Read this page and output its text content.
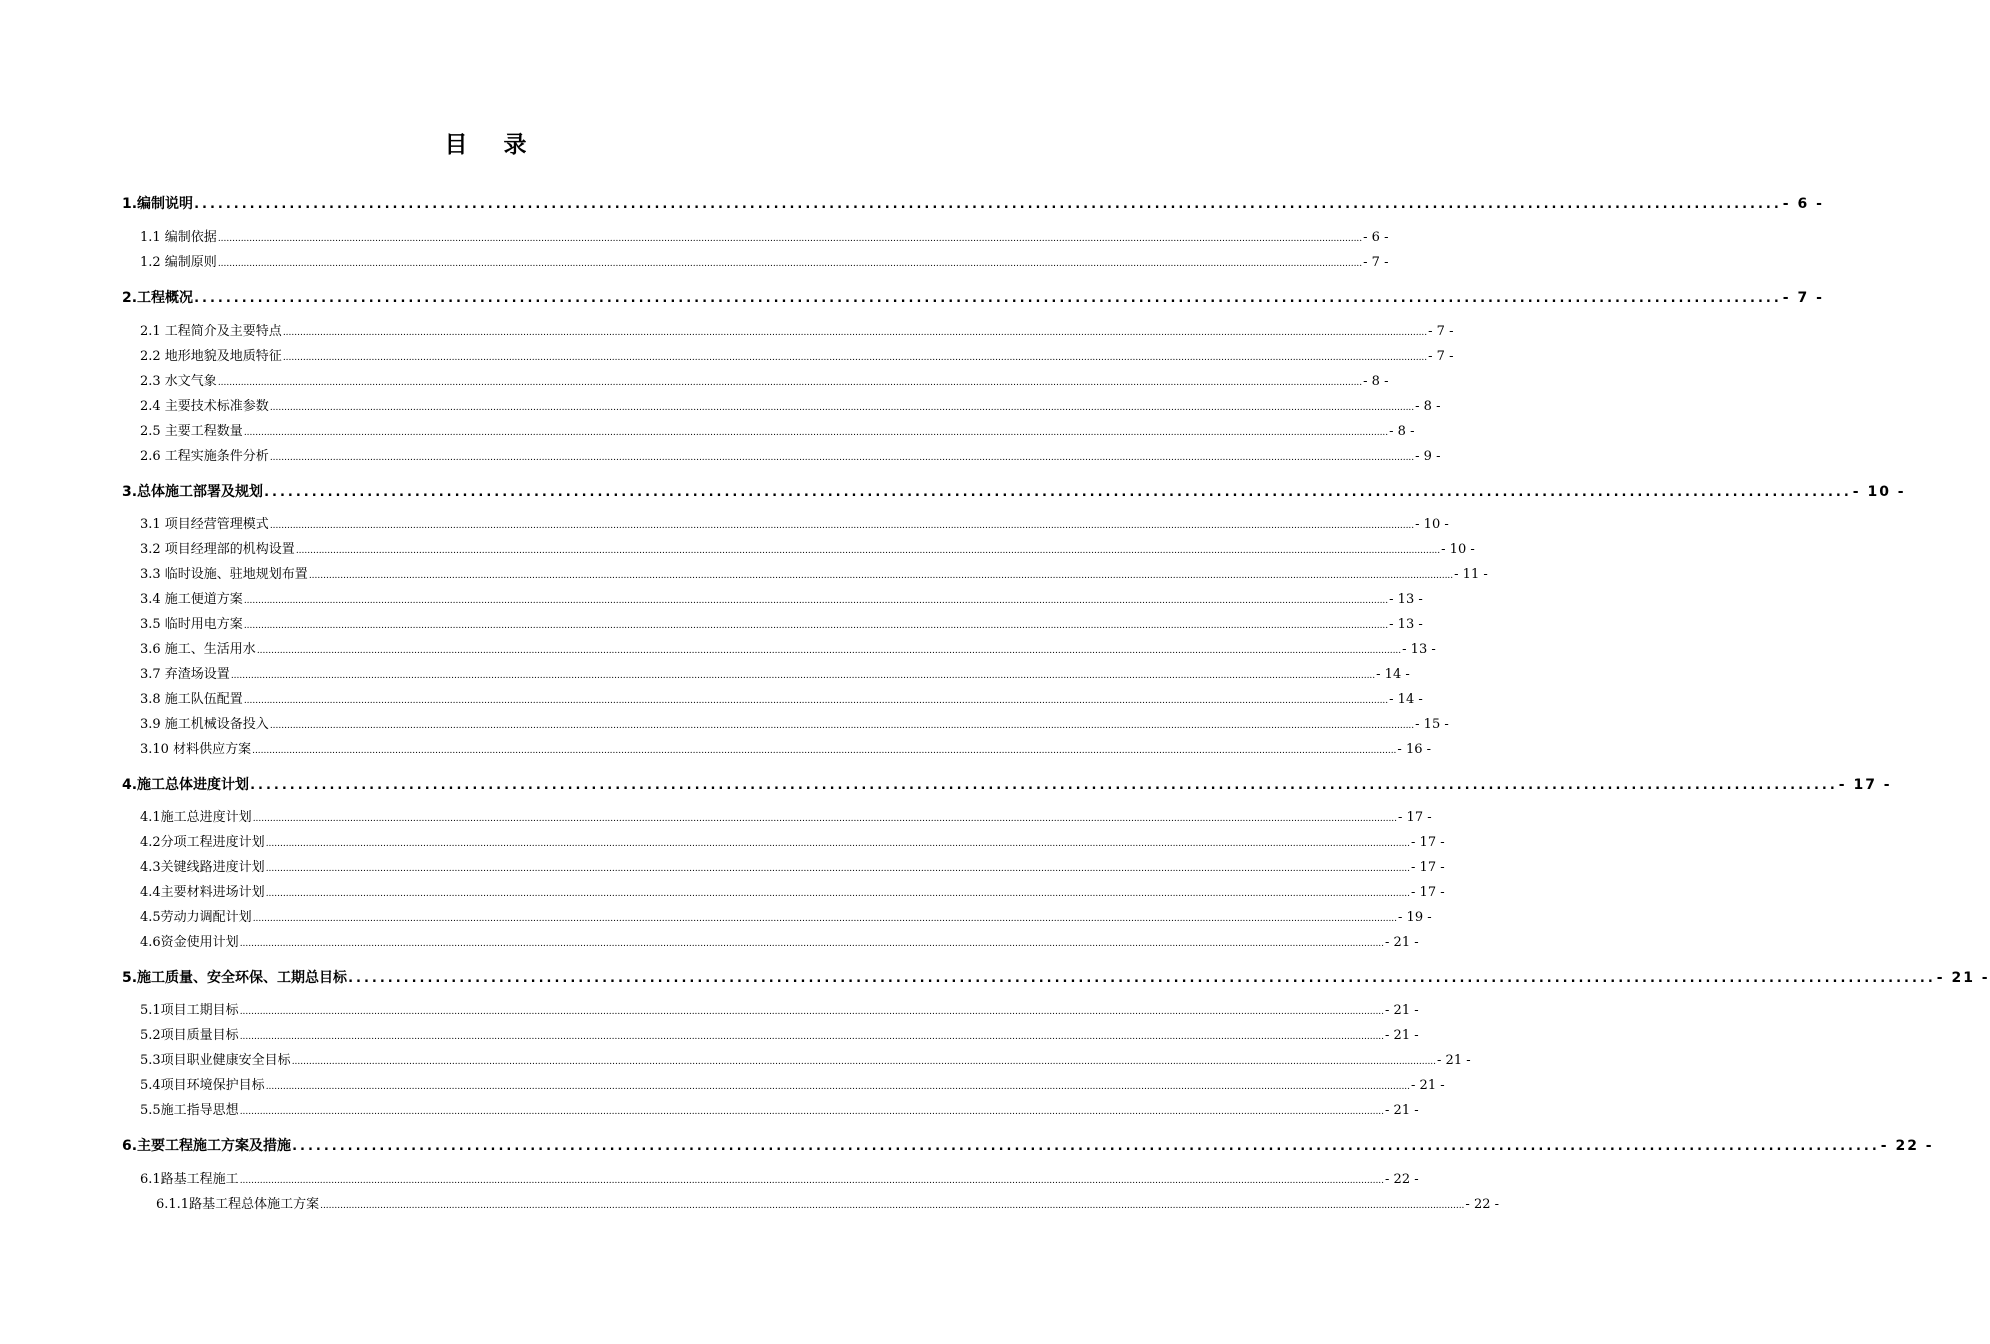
目 录
1.编制说明 ........................................................................................................................................................................................................ - 6 -
1.1 编制依据 ................................................................................................................................................................................................................................................................................................................................................................................................................ - 6 -
1.2 编制原则 ................................................................................................................................................................................................................................................................................................................................................................................................................ - 7 -
2.工程概况 ........................................................................................................................................................................................................ - 7 -
2.1 工程简介及主要特点 ................................................................................................................................................................................................................................................................................................................................................................................................................ - 7 -
2.2 地形地貌及地质特征 ................................................................................................................................................................................................................................................................................................................................................................................................................ - 7 -
2.3 水文气象 ................................................................................................................................................................................................................................................................................................................................................................................................................ - 8 -
2.4 主要技术标准参数 ................................................................................................................................................................................................................................................................................................................................................................................................................ - 8 -
2.5 主要工程数量 ................................................................................................................................................................................................................................................................................................................................................................................................................ - 8 -
2.6 工程实施条件分析 ................................................................................................................................................................................................................................................................................................................................................................................................................ - 9 -
3.总体施工部署及规划 ........................................................................................................................................................................................................ - 10 -
3.1 项目经营管理模式 ................................................................................................................................................................................................................................................................................................................................................................................................................ - 10 -
3.2 项目经理部的机构设置 ................................................................................................................................................................................................................................................................................................................................................................................................................ - 10 -
3.3 临时设施、驻地规划布置 ................................................................................................................................................................................................................................................................................................................................................................................................................ - 11 -
3.4 施工便道方案 ................................................................................................................................................................................................................................................................................................................................................................................................................ - 13 -
3.5 临时用电方案 ................................................................................................................................................................................................................................................................................................................................................................................................................ - 13 -
3.6 施工、生活用水 ................................................................................................................................................................................................................................................................................................................................................................................................................ - 13 -
3.7 弃渣场设置 ................................................................................................................................................................................................................................................................................................................................................................................................................ - 14 -
3.8 施工队伍配置 ................................................................................................................................................................................................................................................................................................................................................................................................................ - 14 -
3.9 施工机械设备投入 ................................................................................................................................................................................................................................................................................................................................................................................................................ - 15 -
3.10 材料供应方案 ................................................................................................................................................................................................................................................................................................................................................................................................................ - 16 -
4.施工总体进度计划 ........................................................................................................................................................................................................ - 17 -
4.1施工总进度计划 ................................................................................................................................................................................................................................................................................................................................................................................................................ - 17 -
4.2分项工程进度计划 ................................................................................................................................................................................................................................................................................................................................................................................................................ - 17 -
4.3关键线路进度计划 ................................................................................................................................................................................................................................................................................................................................................................................................................ - 17 -
4.4主要材料进场计划 ................................................................................................................................................................................................................................................................................................................................................................................................................ - 17 -
4.5劳动力调配计划 ................................................................................................................................................................................................................................................................................................................................................................................................................ - 19 -
4.6资金使用计划 ................................................................................................................................................................................................................................................................................................................................................................................................................ - 21 -
5.施工质量、安全环保、工期总目标 ........................................................................................................................................................................................................ - 21 -
5.1项目工期目标 ................................................................................................................................................................................................................................................................................................................................................................................................................ - 21 -
5.2项目质量目标 ................................................................................................................................................................................................................................................................................................................................................................................................................ - 21 -
5.3项目职业健康安全目标 ................................................................................................................................................................................................................................................................................................................................................................................................................ - 21 -
5.4项目环境保护目标 ................................................................................................................................................................................................................................................................................................................................................................................................................ - 21 -
5.5施工指导思想 ................................................................................................................................................................................................................................................................................................................................................................................................................ - 21 -
6.主要工程施工方案及措施 ........................................................................................................................................................................................................ - 22 -
6.1路基工程施工 ................................................................................................................................................................................................................................................................................................................................................................................................................ - 22 -
6.1.1路基工程总体施工方案 ................................................................................................................................................................................................................................................................................................................................................................................................................ - 22 -
